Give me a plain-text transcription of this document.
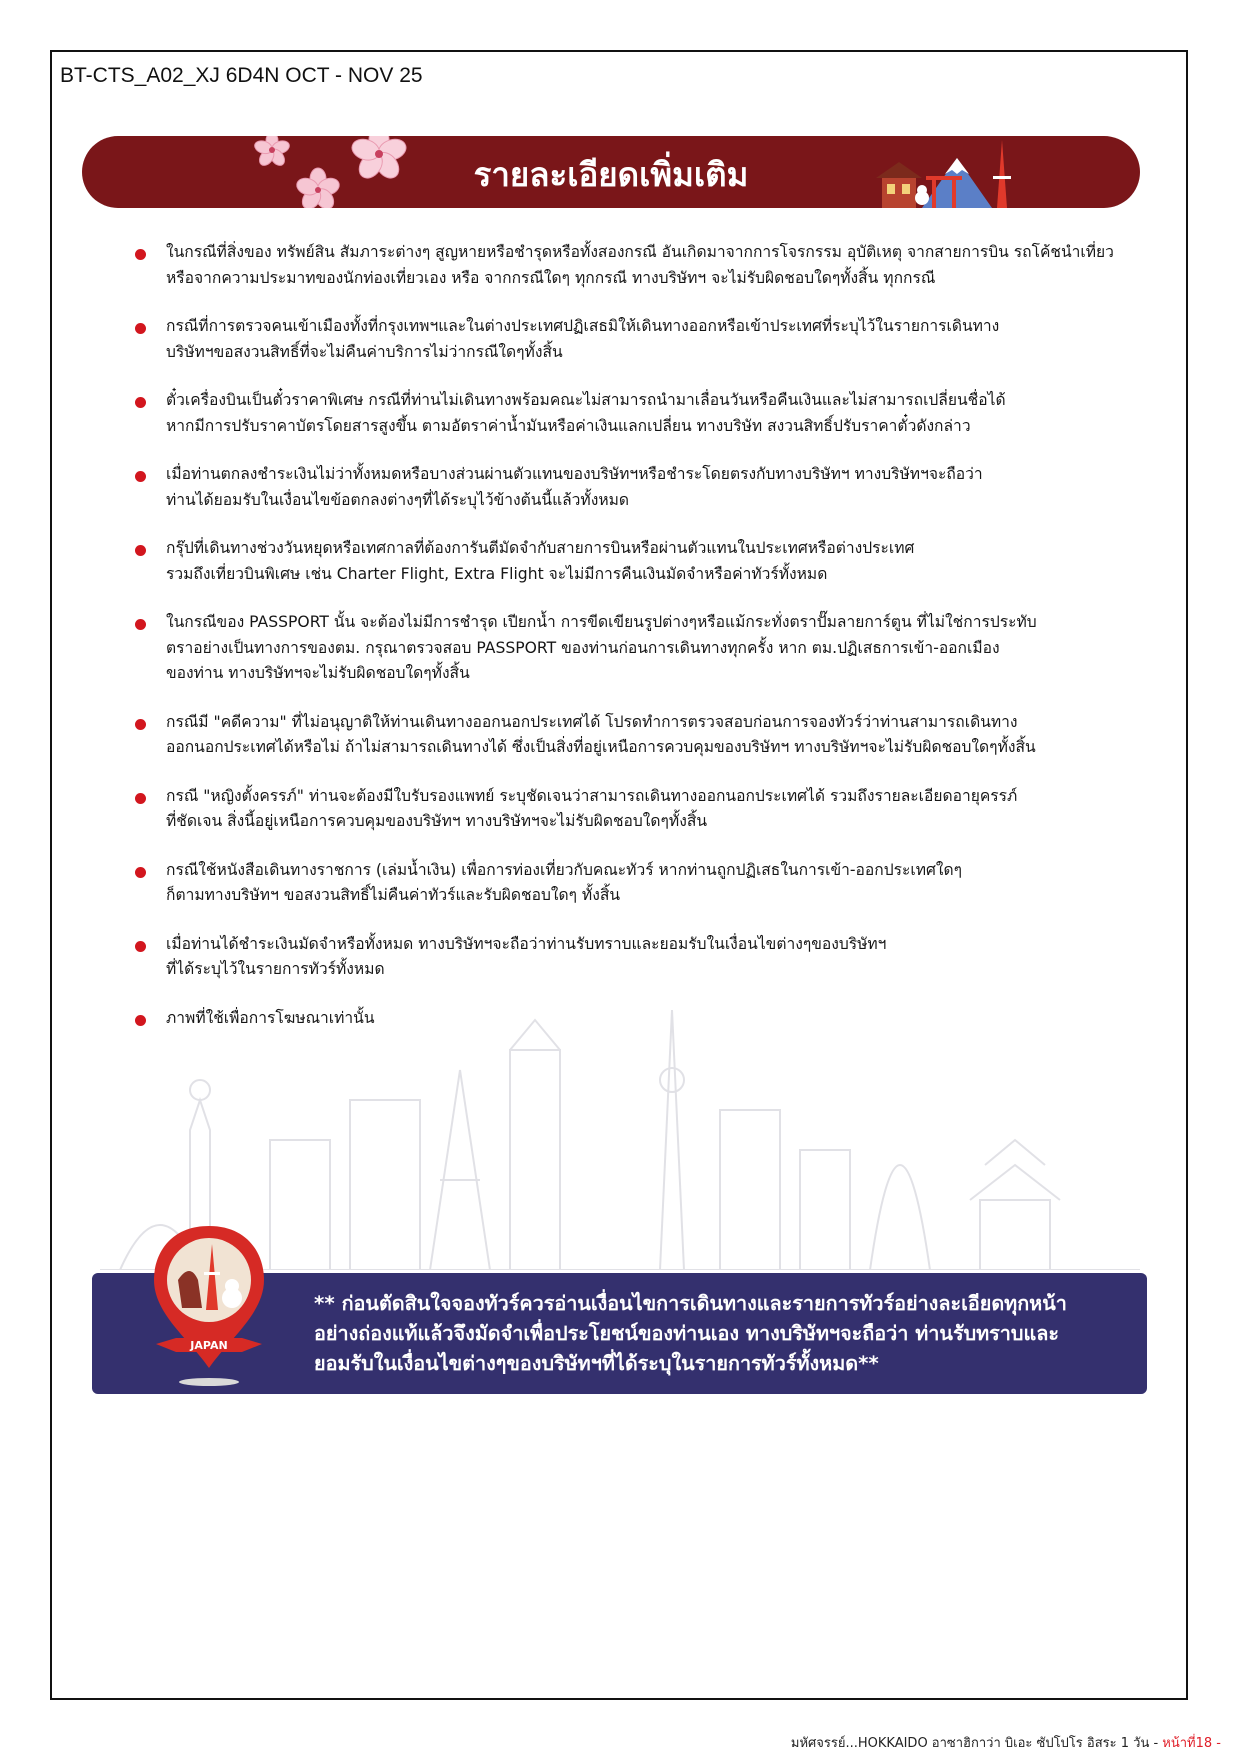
BT-CTS_A02_XJ 6D4N OCT - NOV 25
รายละเอียดเพิ่มเติม
ในกรณีที่สิ่งของ ทรัพย์สิน สัมภาระต่างๆ สูญหายหรือชำรุดหรือทั้งสองกรณี อันเกิดมาจากการโจรกรรม อุบัติเหตุ จากสายการบิน รถโค้ชนำเที่ยว
หรือจากความประมาทของนักท่องเที่ยวเอง หรือ จากกรณีใดๆ ทุกกรณี ทางบริษัทฯ จะไม่รับผิดชอบใดๆทั้งสิ้น ทุกกรณี
กรณีที่การตรวจคนเข้าเมืองทั้งที่กรุงเทพฯและในต่างประเทศปฏิเสธมิให้เดินทางออกหรือเข้าประเทศที่ระบุไว้ในรายการเดินทาง
บริษัทฯขอสงวนสิทธิ์ที่จะไม่คืนค่าบริการไม่ว่ากรณีใดๆทั้งสิ้น
ตั๋วเครื่องบินเป็นตั๋วราคาพิเศษ กรณีที่ท่านไม่เดินทางพร้อมคณะไม่สามารถนำมาเลื่อนวันหรือคืนเงินและไม่สามารถเปลี่ยนชื่อได้
หากมีการปรับราคาบัตรโดยสารสูงขึ้น ตามอัตราค่าน้ำมันหรือค่าเงินแลกเปลี่ยน ทางบริษัท สงวนสิทธิ์ปรับราคาตั๋วดังกล่าว
เมื่อท่านตกลงชำระเงินไม่ว่าทั้งหมดหรือบางส่วนผ่านตัวแทนของบริษัทฯหรือชำระโดยตรงกับทางบริษัทฯ ทางบริษัทฯจะถือว่า
ท่านได้ยอมรับในเงื่อนไขข้อตกลงต่างๆที่ได้ระบุไว้ข้างต้นนี้แล้วทั้งหมด
กรุ๊ปที่เดินทางช่วงวันหยุดหรือเทศกาลที่ต้องการันตีมัดจำกับสายการบินหรือผ่านตัวแทนในประเทศหรือต่างประเทศ
รวมถึงเที่ยวบินพิเศษ เช่น Charter Flight, Extra Flight จะไม่มีการคืนเงินมัดจำหรือค่าทัวร์ทั้งหมด
ในกรณีของ PASSPORT นั้น จะต้องไม่มีการชำรุด เปียกน้ำ การขีดเขียนรูปต่างๆหรือแม้กระทั่งตราปั๊มลายการ์ตูน ที่ไม่ใช่การประทับ
ตราอย่างเป็นทางการของตม. กรุณาตรวจสอบ PASSPORT ของท่านก่อนการเดินทางทุกครั้ง หาก ตม.ปฏิเสธการเข้า-ออกเมือง
ของท่าน ทางบริษัทฯจะไม่รับผิดชอบใดๆทั้งสิ้น
กรณีมี "คดีความ" ที่ไม่อนุญาติให้ท่านเดินทางออกนอกประเทศได้ โปรดทำการตรวจสอบก่อนการจองทัวร์ว่าท่านสามารถเดินทาง
ออกนอกประเทศได้หรือไม่ ถ้าไม่สามารถเดินทางได้ ซึ่งเป็นสิ่งที่อยู่เหนือการควบคุมของบริษัทฯ ทางบริษัทฯจะไม่รับผิดชอบใดๆทั้งสิ้น
กรณี "หญิงตั้งครรภ์" ท่านจะต้องมีใบรับรองแพทย์ ระบุชัดเจนว่าสามารถเดินทางออกนอกประเทศได้ รวมถึงรายละเอียดอายุครรภ์
ที่ชัดเจน สิ่งนี้อยู่เหนือการควบคุมของบริษัทฯ ทางบริษัทฯจะไม่รับผิดชอบใดๆทั้งสิ้น
กรณีใช้หนังสือเดินทางราชการ (เล่มน้ำเงิน) เพื่อการท่องเที่ยวกับคณะทัวร์ หากท่านถูกปฏิเสธในการเข้า-ออกประเทศใดๆ
ก็ตามทางบริษัทฯ ขอสงวนสิทธิ์ไม่คืนค่าทัวร์และรับผิดชอบใดๆ ทั้งสิ้น
เมื่อท่านได้ชำระเงินมัดจำหรือทั้งหมด ทางบริษัทฯจะถือว่าท่านรับทราบและยอมรับในเงื่อนไขต่างๆของบริษัทฯ
ที่ได้ระบุไว้ในรายการทัวร์ทั้งหมด
ภาพที่ใช้เพื่อการโฆษณาเท่านั้น
** ก่อนตัดสินใจจองทัวร์ควรอ่านเงื่อนไขการเดินทางและรายการทัวร์อย่างละเอียดทุกหน้า
อย่างถ่องแท้แล้วจึงมัดจำเพื่อประโยชน์ของท่านเอง ทางบริษัทฯจะถือว่า ท่านรับทราบและ
ยอมรับในเงื่อนไขต่างๆของบริษัทฯที่ได้ระบุในรายการทัวร์ทั้งหมด**
JAPAN
มหัศจรรย์...HOKKAIDO อาซาฮิกาว่า บิเอะ ซัปโปโร อิสระ 1 วัน - หน้าที่18 -
